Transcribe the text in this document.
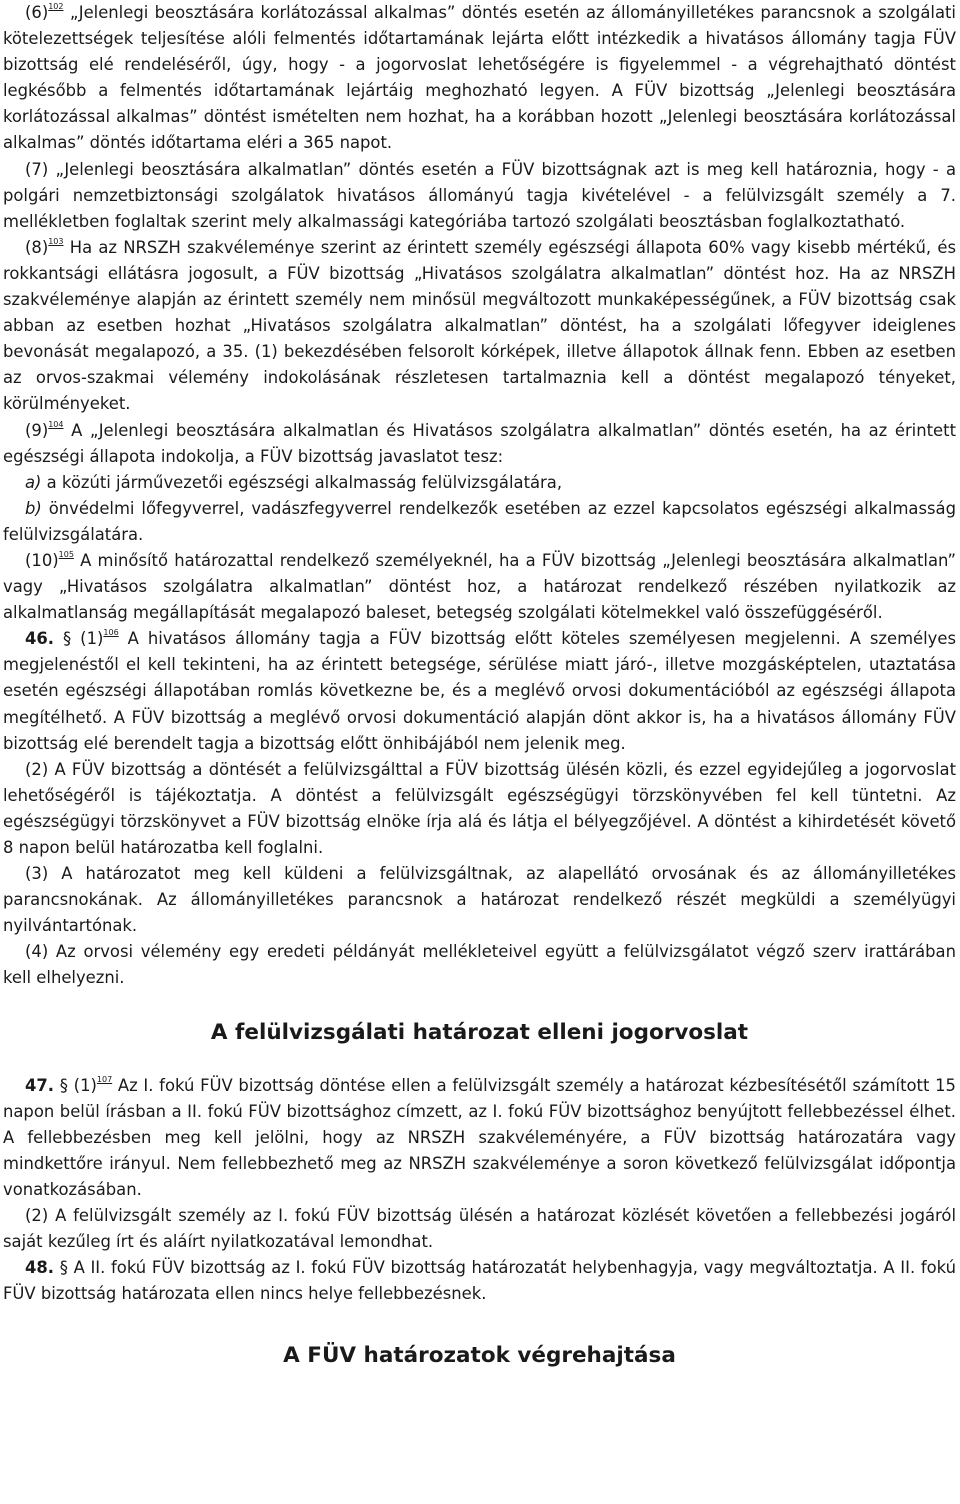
$(6)^{102}$ „Jelenlegi beosztására korlátozással alkalmas” döntés esetén az állományilletékes parancsnok a szolgálati kötelezettségek teljesítése alóli felmentés időtartamának lejárta előtt intézkedik a hivatásos állomány tagja FÜV bizottság elé rendeléséről, úgy, hogy - a jogorvoslat lehetőségére is figyelemmel - a végrehajtható döntést legkésőbb a felmentés időtartamának lejártáig meghozható legyen. A FÜV bizottság „Jelenlegi beosztására korlátozással alkalmas” döntést ismételten nem hozhat, ha a korábban hozott „Jelenlegi beosztására korlátozással alkalmas” döntés időtartama eléri a 365 napot.

(7) „Jelenlegi beosztására alkalmatlan” döntés esetén a FÜV bizottságnak azt is meg kell határoznia, hogy - a polgári nemzetbiztonsági szolgálatok hivatásos állományú tagja kivételével - a felülvizsgált személy a 7. mellékletben foglaltak szerint mely alkalmassági kategóriába tartozó szolgálati beosztásban foglalkoztatható.

$(8)^{103}$ Ha az NRSZH szakvéleménye szerint az érintett személy egészségi állapota 60% vagy kisebb mértékű, és rokkantsági ellátásra jogosult, a FÜV bizottság „Hivatásos szolgálatra alkalmatlan” döntést hoz. Ha az NRSZH szakvéleménye alapján az érintett személy nem minősül megváltozott munkaképességűnek, a FÜV bizottság csak abban az esetben hozhat „Hivatásos szolgálatra alkalmatlan” döntést, ha a szolgálati lőfegyver ideiglenes bevonását megalapozó, a 35. (1) bekezdésében felsorolt kórképek, illetve állapotok állnak fenn. Ebben az esetben az orvos-szakmai vélemény indokolásának részletesen tartalmaznia kell a döntést megalapozó tényeket, körülményeket.

$(9)^{104}$ A „Jelenlegi beosztására alkalmatlan és Hivatásos szolgálatra alkalmatlan” döntés esetén, ha az érintett egészségi állapota indokolja, a FÜV bizottság javaslatot tesz:

a) a közúti járművezetői egészségi alkalmasság felülvizsgálatára,

b) önvédelmi lőfegyverrel, vadászfegyverrel rendelkezők esetében az ezzel kapcsolatos egészségi alkalmasság felülvizsgálatára.

$(10)^{105}$ A minősítő határozattal rendelkező személyeknél, ha a FÜV bizottság „Jelenlegi beosztására alkalmatlan” vagy „Hivatásos szolgálatra alkalmatlan” döntést hoz, a határozat rendelkező részében nyilatkozik az alkalmatlanság megállapítását megalapozó baleset, betegség szolgálati kötelmekkel való összefüggéséről.

46. § $(1)^{106}$ A hivatásos állomány tagja a FÜV bizottság előtt köteles személyesen megjelenni. A személyes megjelenéstől el kell tekinteni, ha az érintett betegsége, sérülése miatt járó-, illetve mozgásképtelen, utaztatása esetén egészségi állapotában romlás következne be, és a meglévő orvosi dokumentációból az egészségi állapota megítélhető. A FÜV bizottság a meglévő orvosi dokumentáció alapján dönt akkor is, ha a hivatásos állomány FÜV bizottság elé berendelt tagja a bizottság előtt önhibájából nem jelenik meg.

(2) A FÜV bizottság a döntését a felülvizsgálttal a FÜV bizottság ülésén közli, és ezzel egyidejűleg a jogorvoslat lehetőségéről is tájékoztatja. A döntést a felülvizsgált egészségügyi törzskönyvében fel kell tüntetni. Az egészségügyi törzskönyvet a FÜV bizottság elnöke írja alá és látja el bélyegzőjével. A döntést a kihirdetését követő 8 napon belül határozatba kell foglalni.

(3) A határozatot meg kell küldeni a felülvizsgáltnak, az alapellátó orvosának és az állományilletékes parancsnokának. Az állományilletékes parancsnok a határozat rendelkező részét megküldi a személyügyi nyilvántartónak.

(4) Az orvosi vélemény egy eredeti példányát mellékleteivel együtt a felülvizsgálatot végző szerv irattárában kell elhelyezni.

A felülvizsgálati határozat elleni jogorvoslat

47. § $(1)^{107}$ Az I. fokú FÜV bizottság döntése ellen a felülvizsgált személy a határozat kézbesítésétől számított 15 napon belül írásban a II. fokú FÜV bizottsághoz címzett, az I. fokú FÜV bizottsághoz benyújtott fellebbezéssel élhet. A fellebbezésben meg kell jelölni, hogy az NRSZH szakvéleményére, a FÜV bizottság határozatára vagy mindkettőre irányul. Nem fellebbezhető meg az NRSZH szakvéleménye a soron következő felülvizsgálat időpontja vonatkozásában.

(2) A felülvizsgált személy az I. fokú FÜV bizottság ülésén a határozat közlését követően a fellebbezési jogáról saját kezűleg írt és aláírt nyilatkozatával lemondhat.

48. § A II. fokú FÜV bizottság az I. fokú FÜV bizottság határozatát helybenhagyja, vagy megváltoztatja. A II. fokú FÜV bizottság határozata ellen nincs helye fellebbezésnek.

A FÜV határozatok végrehajtása
